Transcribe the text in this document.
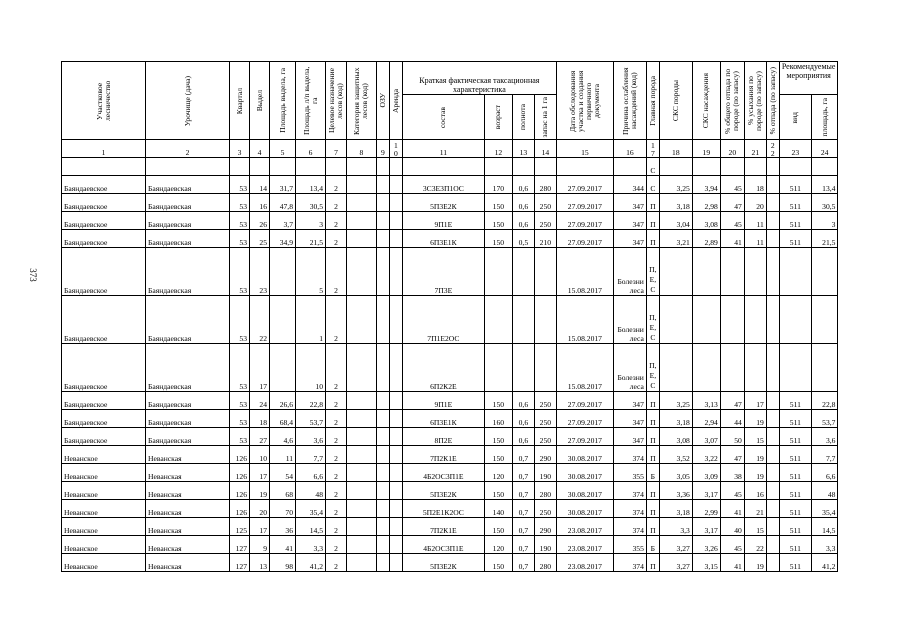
373
Участковое лесничество	Урочище (дача)	Квартал	Выдел	Площадь выдела, га	Площадь л/п выдела, га	Целевое назначение лесов (код)	Категория защитных лесов (код)	ОЗУ	Аренда	Краткая фактическая таксационная характеристика				Дата обследования участка и создания первичного документа	Причина ослабления насаждений (код)	Главная порода	СКС породы	СКС насаждения	% общего отпада по породе (по запасу)	% усыхания по породе (по запасу)	% отпада (по запасу)	Рекомендуемые мероприятия	

										состав	возраст	полнота	запас на 1 га									вид	площадь, га

1	2	3	4	5	6	7	8	9	1 0	11	12	13	14	15	16	1 7	18	19	20	21	2 2	23	24
																С							
Баяндаевское	Баяндаевская	53	14	31,7	13,4	2				3С3Е3П1ОС	170	0,6	280	27.09.2017	344	С	3,25	3,94	45	18		511	13,4
Баяндаевское	Баяндаевская	53	16	47,8	30,5	2				5П3Е2К	150	0,6	250	27.09.2017	347	П	3,18	2,98	47	20		511	30,5
Баяндаевское	Баяндаевская	53	26	3,7	3	2				9П1Е	150	0,6	250	27.09.2017	347	П	3,04	3,08	45	11		511	3
Баяндаевское	Баяндаевская	53	25	34,9	21,5	2				6П3Е1К	150	0,5	210	27.09.2017	347	П	3,21	2,89	41	11		511	21,5
Баяндаевское	Баяндаевская	53	23		5	2				7П3Е				15.08.2017	Болезни леса	П, Е, С							
Баяндаевское	Баяндаевская	53	22		1	2				7П1Е2ОС				15.08.2017	Болезни леса	П, Е, С							
Баяндаевское	Баяндаевская	53	17		10	2				6П2К2Е				15.08.2017	Болезни леса	П, Е, С							
Баяндаевское	Баяндаевская	53	24	26,6	22,8	2				9П1Е	150	0,6	250	27.09.2017	347	П	3,25	3,13	47	17		511	22,8
Баяндаевское	Баяндаевская	53	18	68,4	53,7	2				6П3Е1К	160	0,6	250	27.09.2017	347	П	3,18	2,94	44	19		511	53,7
Баяндаевское	Баяндаевская	53	27	4,6	3,6	2				8П2Е	150	0,6	250	27.09.2017	347	П	3,08	3,07	50	15		511	3,6
Неванское	Неванская	126	10	11	7,7	2				7П2К1Е	150	0,7	290	30.08.2017	374	П	3,52	3,22	47	19		511	7,7
Неванское	Неванская	126	17	54	6,6	2				4Б2ОС3П1Е	120	0,7	190	30.08.2017	355	Б	3,05	3,09	38	19		511	6,6
Неванское	Неванская	126	19	68	48	2				5П3Е2К	150	0,7	280	30.08.2017	374	П	3,36	3,17	45	16		511	48
Неванское	Неванская	126	20	70	35,4	2				5П2Е1К2ОС	140	0,7	250	30.08.2017	374	П	3,18	2,99	41	21		511	35,4
Неванское	Неванская	125	17	36	14,5	2				7П2К1Е	150	0,7	290	23.08.2017	374	П	3,3	3,17	40	15		511	14,5
Неванское	Неванская	127	9	41	3,3	2				4Б2ОС3П1Е	120	0,7	190	23.08.2017	355	Б	3,27	3,26	45	22		511	3,3
Неванское	Неванская	127	13	98	41,2	2				5П3Е2К	150	0,7	280	23.08.2017	374	П	3,27	3,15	41	19		511	41,2
